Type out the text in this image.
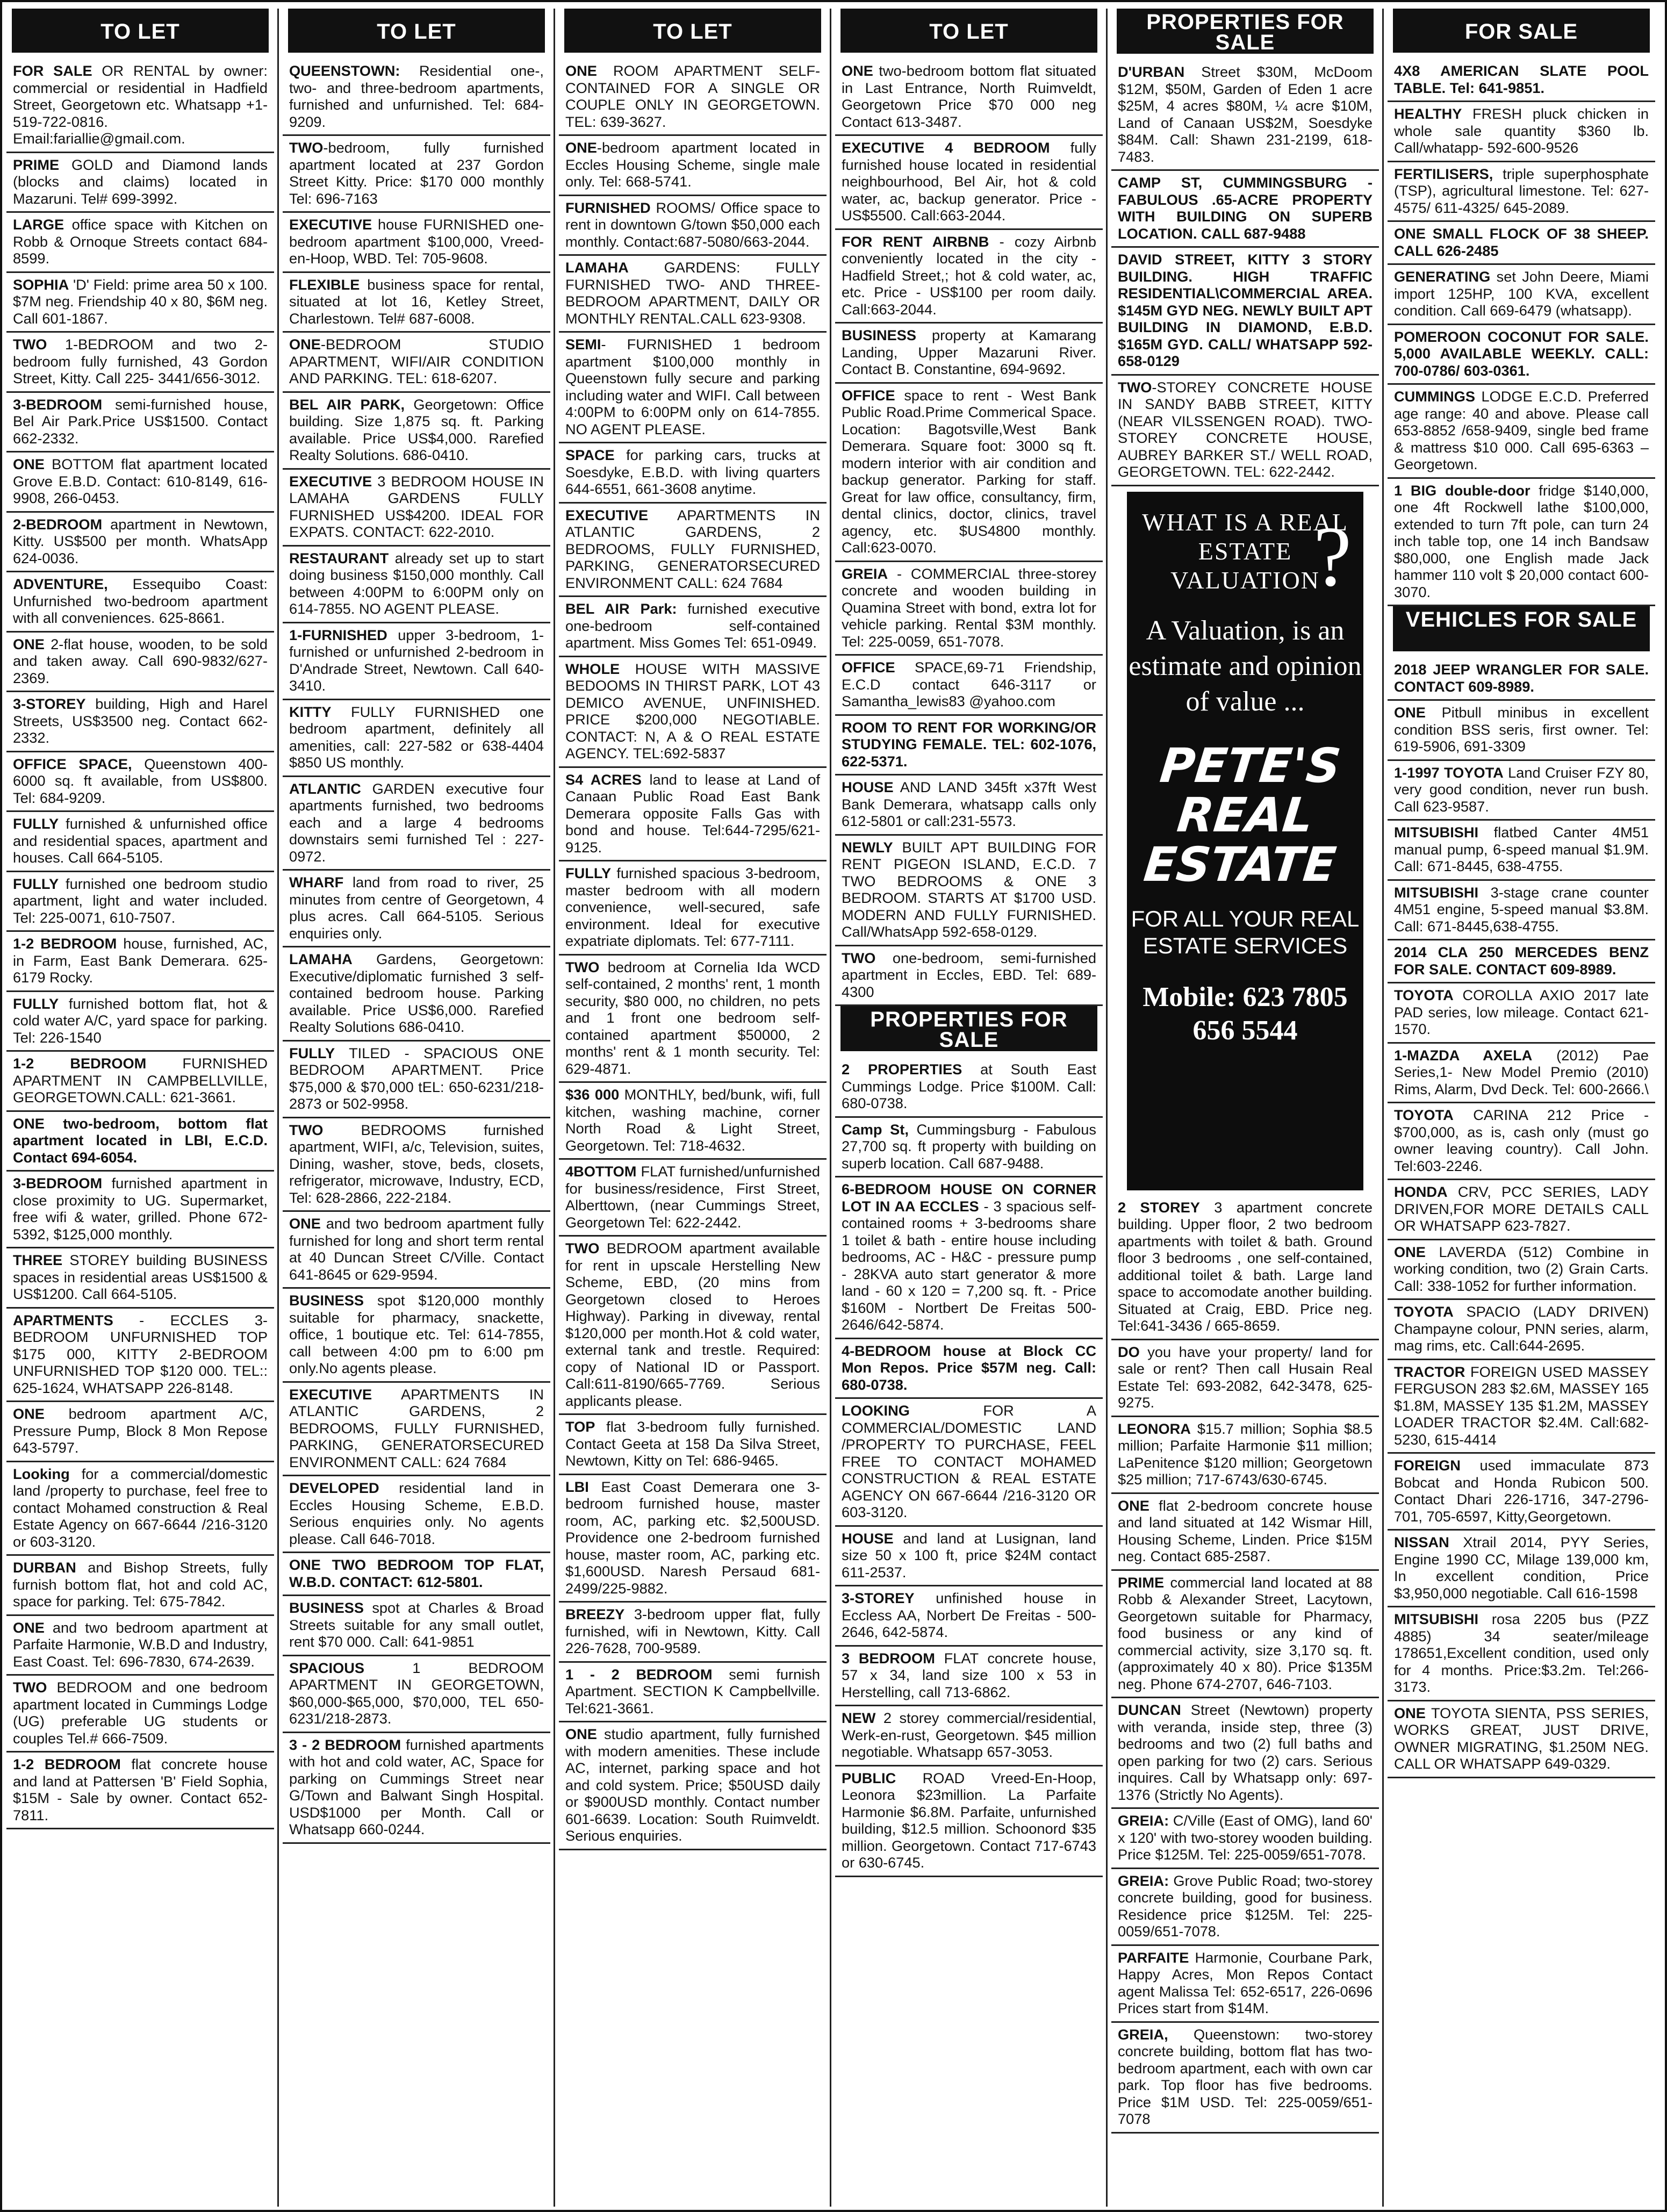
TO LET
FOR SALE OR RENTAL by owner: commercial or residential in Hadfield Street, Georgetown etc. Whatsapp +1-519-722-0816. Email:fariallie@gmail.com.
PRIME GOLD and Diamond lands (blocks and claims) located in Mazaruni. Tel# 699-3992.
LARGE office space with Kitchen on Robb & Ornoque Streets contact 684-8599.
SOPHIA 'D' Field: prime area 50 x 100. $7M neg. Friendship 40 x 80, $6M neg. Call 601-1867.
TWO 1-BEDROOM and two 2-bedroom fully furnished, 43 Gordon Street, Kitty. Call 225- 3441/656-3012.
3-BEDROOM semi-furnished house, Bel Air Park.Price US$1500. Contact 662-2332.
ONE BOTTOM flat apartment located Grove E.B.D. Contact: 610-8149, 616-9908, 266-0453.
2-BEDROOM apartment in Newtown, Kitty. US$500 per month. WhatsApp 624-0036.
ADVENTURE, Essequibo Coast: Unfurnished two-bedroom apartment with all conveniences. 625-8661.
ONE 2-flat house, wooden, to be sold and taken away. Call 690-9832/627-2369.
3-STOREY building, High and Harel Streets, US$3500 neg. Contact 662-2332.
OFFICE SPACE, Queenstown 400-6000 sq. ft available, from US$800. Tel: 684-9209.
FULLY furnished & unfurnished office and residential spaces, apartment and houses. Call 664-5105.
FULLY furnished one bedroom studio apartment, light and water included. Tel: 225-0071, 610-7507.
1-2 BEDROOM house, furnished, AC, in Farm, East Bank Demerara. 625-6179 Rocky.
FULLY furnished bottom flat, hot & cold water A/C, yard space for parking. Tel: 226-1540
1-2 BEDROOM FURNISHED APARTMENT IN CAMPBELLVILLE, GEORGETOWN.CALL: 621-3661.
ONE two-bedroom, bottom flat apartment located in LBI, E.C.D. Contact 694-6054.
3-BEDROOM furnished apartment in close proximity to UG. Supermarket, free wifi & water, grilled. Phone 672-5392, $125,000 monthly.
THREE STOREY building BUSINESS spaces in residential areas US$1500 & US$1200. Call 664-5105.
APARTMENTS - ECCLES 3-BEDROOM UNFURNISHED TOP $175 000, KITTY 2-BEDROOM UNFURNISHED TOP $120 000. TEL:: 625-1624, WHATSAPP 226-8148.
ONE bedroom apartment A/C, Pressure Pump, Block 8 Mon Repose 643-5797.
Looking for a commercial/domestic land /property to purchase, feel free to contact Mohamed construction & Real Estate Agency on 667-6644 /216-3120 or 603-3120.
DURBAN and Bishop Streets, fully furnish bottom flat, hot and cold AC, space for parking. Tel: 675-7842.
ONE and two bedroom apartment at Parfaite Harmonie, W.B.D and Industry, East Coast. Tel: 696-7830, 674-2639.
TWO BEDROOM and one bedroom apartment located in Cummings Lodge (UG) preferable UG students or couples Tel.# 666-7509.
1-2 BEDROOM flat concrete house and land at Pattersen 'B' Field Sophia, $15M - Sale by owner. Contact 652-7811.
TO LET
QUEENSTOWN: Residential one-, two- and three-bedroom apartments, furnished and unfurnished. Tel: 684-9209.
TWO-bedroom, fully furnished apartment located at 237 Gordon Street Kitty. Price: $170 000 monthly Tel: 696-7163
EXECUTIVE house FURNISHED one-bedroom apartment $100,000, Vreed-en-Hoop, WBD. Tel: 705-9608.
FLEXIBLE business space for rental, situated at lot 16, Ketley Street, Charlestown. Tel# 687-6008.
ONE-BEDROOM STUDIO APARTMENT, WIFI/AIR CONDITION AND PARKING. TEL: 618-6207.
BEL AIR PARK, Georgetown: Office building. Size 1,875 sq. ft. Parking available. Price US$4,000. Rarefied Realty Solutions. 686-0410.
EXECUTIVE 3 BEDROOM HOUSE IN LAMAHA GARDENS FULLY FURNISHED US$4200. IDEAL FOR EXPATS. CONTACT: 622-2010.
RESTAURANT already set up to start doing business $150,000 monthly. Call between 4:00PM to 6:00PM only on 614-7855. NO AGENT PLEASE.
1-FURNISHED upper 3-bedroom, 1-furnished or unfurnished 2-bedroom in D'Andrade Street, Newtown. Call 640-3410.
KITTY FULLY FURNISHED one bedroom apartment, definitely all amenities, call: 227-582 or 638-4404 $850 US monthly.
ATLANTIC GARDEN executive four apartments furnished, two bedrooms each and a large 4 bedrooms downstairs semi furnished Tel : 227-0972.
WHARF land from road to river, 25 minutes from centre of Georgetown, 4 plus acres. Call 664-5105. Serious enquiries only.
LAMAHA Gardens, Georgetown: Executive/diplomatic furnished 3 self-contained bedroom house. Parking available. Price US$6,000. Rarefied Realty Solutions 686-0410.
FULLY TILED - SPACIOUS ONE BEDROOM APARTMENT. Price $75,000 & $70,000 tEL: 650-6231/218-2873 or 502-9958.
TWO BEDROOMS furnished apartment, WIFI, a/c, Television, suites, Dining, washer, stove, beds, closets, refrigerator, microwave, Industry, ECD, Tel: 628-2866, 222-2184.
ONE and two bedroom apartment fully furnished for long and short term rental at 40 Duncan Street C/Ville. Contact 641-8645 or 629-9594.
BUSINESS spot $120,000 monthly suitable for pharmacy, snackette, office, 1 boutique etc. Tel: 614-7855, call between 4:00 pm to 6:00 pm only.No agents please.
EXECUTIVE APARTMENTS IN ATLANTIC GARDENS, 2 BEDROOMS, FULLY FURNISHED, PARKING, GENERATORSECURED ENVIRONMENT CALL: 624 7684
DEVELOPED residential land in Eccles Housing Scheme, E.B.D. Serious enquiries only. No agents please. Call 646-7018.
ONE TWO BEDROOM TOP FLAT, W.B.D. CONTACT: 612-5801.
BUSINESS spot at Charles & Broad Streets suitable for any small outlet, rent $70 000. Call: 641-9851
SPACIOUS 1 BEDROOM APARTMENT IN GEORGETOWN, $60,000-$65,000, $70,000, TEL 650-6231/218-2873.
3 - 2 BEDROOM furnished apartments with hot and cold water, AC, Space for parking on Cummings Street near G/Town and Balwant Singh Hospital. USD$1000 per Month. Call or Whatsapp 660-0244.
TO LET
ONE ROOM APARTMENT SELF-CONTAINED FOR A SINGLE OR COUPLE ONLY IN GEORGETOWN. TEL: 639-3627.
ONE-bedroom apartment located in Eccles Housing Scheme, single male only. Tel: 668-5741.
FURNISHED ROOMS/ Office space to rent in downtown G/town $50,000 each monthly. Contact:687-5080/663-2044.
LAMAHA GARDENS: FULLY FURNISHED TWO- AND THREE-BEDROOM APARTMENT, DAILY OR MONTHLY RENTAL.CALL 623-9308.
SEMI- FURNISHED 1 bedroom apartment $100,000 monthly in Queenstown fully secure and parking including water and WIFI. Call between 4:00PM to 6:00PM only on 614-7855. NO AGENT PLEASE.
SPACE for parking cars, trucks at Soesdyke, E.B.D. with living quarters 644-6551, 661-3608 anytime.
EXECUTIVE APARTMENTS IN ATLANTIC GARDENS, 2 BEDROOMS, FULLY FURNISHED, PARKING, GENERATORSECURED ENVIRONMENT CALL: 624 7684
BEL AIR Park: furnished executive one-bedroom self-contained apartment. Miss Gomes Tel: 651-0949.
WHOLE HOUSE WITH MASSIVE BEDOOMS IN THIRST PARK, LOT 43 DEMICO AVENUE, UNFINISHED. PRICE $200,000 NEGOTIABLE. CONTACT: N, A & O REAL ESTATE AGENCY. TEL:692-5837
S4 ACRES land to lease at Land of Canaan Public Road East Bank Demerara opposite Falls Gas with bond and house. Tel:644-7295/621-9125.
FULLY furnished spacious 3-bedroom, master bedroom with all modern convenience, well-secured, safe environment. Ideal for executive expatriate diplomats. Tel: 677-7111.
TWO bedroom at Cornelia Ida WCD self-contained, 2 months' rent, 1 month security, $80 000, no children, no pets and 1 front one bedroom self-contained apartment $50000, 2 months' rent & 1 month security. Tel: 629-4871.
$36 000 MONTHLY, bed/bunk, wifi, full kitchen, washing machine, corner North Road & Light Street, Georgetown. Tel: 718-4632.
4BOTTOM FLAT furnished/unfurnished for business/residence, First Street, Alberttown, (near Cummings Street, Georgetown Tel: 622-2442.
TWO BEDROOM apartment available for rent in upscale Herstelling New Scheme, EBD, (20 mins from Georgetown closed to Heroes Highway). Parking in diveway, rental $120,000 per month.Hot & cold water, external tank and trestle. Required: copy of National ID or Passport. Call:611-8190/665-7769. Serious applicants please.
TOP flat 3-bedroom fully furnished. Contact Geeta at 158 Da Silva Street, Newtown, Kitty on Tel: 686-9465.
LBI East Coast Demerara one 3-bedroom furnished house, master room, AC, parking etc. $2,500USD. Providence one 2-bedroom furnished house, master room, AC, parking etc. $1,600USD. Naresh Persaud 681-2499/225-9882.
BREEZY 3-bedroom upper flat, fully furnished, wifi in Newtown, Kitty. Call 226-7628, 700-9589.
1 - 2 BEDROOM semi furnish Apartment. SECTION K Campbellville. Tel:621-3661.
ONE studio apartment, fully furnished with modern amenities. These include AC, internet, parking space and hot and cold system. Price; $50USD daily or $900USD monthly. Contact number 601-6639. Location: South Ruimveldt. Serious enquiries.
TO LET
ONE two-bedroom bottom flat situated in Last Entrance, North Ruimveldt, Georgetown Price $70 000 neg Contact 613-3487.
EXECUTIVE 4 BEDROOM fully furnished house located in residential neighbourhood, Bel Air, hot & cold water, ac, backup generator. Price - US$5500. Call:663-2044.
FOR RENT AIRBNB - cozy Airbnb conveniently located in the city - Hadfield Street,; hot & cold water, ac, etc. Price - US$100 per room daily. Call:663-2044.
BUSINESS property at Kamarang Landing, Upper Mazaruni River. Contact B. Constantine, 694-9692.
OFFICE space to rent - West Bank Public Road.Prime Commerical Space. Location: Bagotsville,West Bank Demerara. Square foot: 3000 sq ft. modern interior with air condition and backup generator. Parking for staff. Great for law office, consultancy, firm, dental clinics, doctor, clinics, travel agency, etc. $US4800 monthly. Call:623-0070.
GREIA - COMMERCIAL three-storey concrete and wooden building in Quamina Street with bond, extra lot for vehicle parking. Rental $3M monthly. Tel: 225-0059, 651-7078.
OFFICE SPACE,69-71 Friendship, E.C.D contact 646-3117 or Samantha_lewis83 @yahoo.com
ROOM TO RENT FOR WORKING/OR STUDYING FEMALE. TEL: 602-1076, 622-5371.
HOUSE AND LAND 345ft x37ft West Bank Demerara, whatsapp calls only 612-5801 or call:231-5573.
NEWLY BUILT APT BUILDING FOR RENT PIGEON ISLAND, E.C.D. 7 TWO BEDROOMS & ONE 3 BEDROOM. STARTS AT $1700 USD. MODERN AND FULLY FURNISHED. Call/WhatsApp 592-658-0129.
TWO one-bedroom, semi-furnished apartment in Eccles, EBD. Tel: 689-4300
PROPERTIES FOR SALE
2 PROPERTIES at South East Cummings Lodge. Price $100M. Call: 680-0738.
Camp St, Cummingsburg - Fabulous 27,700 sq. ft property with building on superb location. Call 687-9488.
6-BEDROOM HOUSE ON CORNER LOT IN AA ECCLES - 3 spacious self-contained rooms + 3-bedrooms share 1 toilet & bath - entire house including bedrooms, AC - H&C - pressure pump - 28KVA auto start generator & more land - 60 x 120 = 7,200 sq. ft. - Price $160M - Nortbert De Freitas 500-2646/642-5874.
4-BEDROOM house at Block CC Mon Repos. Price $57M neg. Call: 680-0738.
LOOKING FOR A COMMERCIAL/DOMESTIC LAND /PROPERTY TO PURCHASE, FEEL FREE TO CONTACT MOHAMED CONSTRUCTION & REAL ESTATE AGENCY ON 667-6644 /216-3120 OR 603-3120.
HOUSE and land at Lusignan, land size 50 x 100 ft, price $24M contact 611-2537.
3-STOREY unfinished house in Eccless AA, Norbert De Freitas - 500-2646, 642-5874.
3 BEDROOM FLAT concrete house, 57 x 34, land size 100 x 53 in Herstelling, call 713-6862.
NEW 2 storey commercial/residential, Werk-en-rust, Georgetown. $45 million negotiable. Whatsapp 657-3053.
PUBLIC ROAD Vreed-En-Hoop, Leonora $23million. La Parfaite Harmonie $6.8M. Parfaite, unfurnished building, $12.5 million. Schoonord $35 million. Georgetown. Contact 717-6743 or 630-6745.
PROPERTIES FOR SALE
D'URBAN Street $30M, McDoom $12M, $50M, Garden of Eden 1 acre $25M, 4 acres $80M, ¼ acre $10M, Land of Canaan US$2M, Soesdyke $84M. Call: Shawn 231-2199, 618-7483.
CAMP ST, CUMMINGSBURG - FABULOUS .65-ACRE PROPERTY WITH BUILDING ON SUPERB LOCATION. CALL 687-9488
DAVID STREET, KITTY 3 STORY BUILDING. HIGH TRAFFIC RESIDENTIAL\COMMERCIAL AREA. $145M GYD NEG. NEWLY BUILT APT BUILDING IN DIAMOND, E.B.D. $165M GYD. CALL/ WHATSAPP 592-658-0129
TWO-STOREY CONCRETE HOUSE IN SANDY BABB STREET, KITTY (NEAR VILSSENGEN ROAD). TWO-STOREY CONCRETE HOUSE, AUBREY BARKER ST./ WELL ROAD, GEORGETOWN. TEL: 622-2442.
WHAT IS A REAL ESTATE VALUATION
?
A Valuation, is an estimate and opinion of value ...
PETE'S REAL ESTATE
FOR ALL YOUR REAL ESTATE SERVICES
Mobile: 623 7805 656 5544
2 STOREY 3 apartment concrete building. Upper floor, 2 two bedroom apartments with toilet & bath. Ground floor 3 bedrooms , one self-contained, additional toilet & bath. Large land space to accomodate another building. Situated at Craig, EBD. Price neg. Tel:641-3436 / 665-8659.
DO you have your property/ land for sale or rent? Then call Husain Real Estate Tel: 693-2082, 642-3478, 625-9275.
LEONORA $15.7 million; Sophia $8.5 million; Parfaite Harmonie $11 million; LaPenitence $120 million; Georgetown $25 million; 717-6743/630-6745.
ONE flat 2-bedroom concrete house and land situated at 142 Wismar Hill, Housing Scheme, Linden. Price $15M neg. Contact 685-2587.
PRIME commercial land located at 88 Robb & Alexander Street, Lacytown, Georgetown suitable for Pharmacy, food business or any kind of commercial activity, size 3,170 sq. ft. (approximately 40 x 80). Price $135M neg. Phone 674-2707, 646-7103.
DUNCAN Street (Newtown) property with veranda, inside step, three (3) bedrooms and two (2) full baths and open parking for two (2) cars. Serious inquires. Call by Whatsapp only: 697-1376 (Strictly No Agents).
GREIA: C/Ville (East of OMG), land 60' x 120' with two-storey wooden building. Price $125M. Tel: 225-0059/651-7078.
GREIA: Grove Public Road; two-storey concrete building, good for business. Residence price $125M. Tel: 225-0059/651-7078.
PARFAITE Harmonie, Courbane Park, Happy Acres, Mon Repos Contact agent Malissa Tel: 652-6517, 226-0696 Prices start from $14M.
GREIA, Queenstown: two-storey concrete building, bottom flat has two-bedroom apartment, each with own car park. Top floor has five bedrooms. Price $1M USD. Tel: 225-0059/651-7078
FOR SALE
4X8 AMERICAN SLATE POOL TABLE. Tel: 641-9851.
HEALTHY FRESH pluck chicken in whole sale quantity $360 lb. Call/whatapp- 592-600-9526
FERTILISERS, triple superphosphate (TSP), agricultural limestone. Tel: 627-4575/ 611-4325/ 645-2089.
ONE SMALL FLOCK OF 38 SHEEP. CALL 626-2485
GENERATING set John Deere, Miami import 125HP, 100 KVA, excellent condition. Call 669-6479 (whatsapp).
POMEROON COCONUT FOR SALE. 5,000 AVAILABLE WEEKLY. CALL: 700-0786/ 603-0361.
CUMMINGS LODGE E.C.D. Preferred age range: 40 and above. Please call 653-8852 /658-9409, single bed frame & mattress $10 000. Call 695-6363 – Georgetown.
1 BIG double-door fridge $140,000, one 4ft Rockwell lathe $100,000, extended to turn 7ft pole, can turn 24 inch table top, one 14 inch Bandsaw $80,000, one English made Jack hammer 110 volt $ 20,000 contact 600-3070.
VEHICLES FOR SALE
2018 JEEP WRANGLER FOR SALE. CONTACT 609-8989.
ONE Pitbull minibus in excellent condition BSS seris, first owner. Tel: 619-5906, 691-3309
1-1997 TOYOTA Land Cruiser FZY 80, very good condition, never run bush. Call 623-9587.
MITSUBISHI flatbed Canter 4M51 manual pump, 6-speed manual $1.9M. Call: 671-8445, 638-4755.
MITSUBISHI 3-stage crane counter 4M51 engine, 5-speed manual $3.8M. Call: 671-8445,638-4755.
2014 CLA 250 MERCEDES BENZ FOR SALE. CONTACT 609-8989.
TOYOTA COROLLA AXIO 2017 late PAD series, low mileage. Contact 621-1570.
1-MAZDA AXELA (2012) Pae Series,1- New Model Premio (2010) Rims, Alarm, Dvd Deck. Tel: 600-2666.\
TOYOTA CARINA 212 Price - $700,000, as is, cash only (must go owner leaving country). Call John. Tel:603-2246.
HONDA CRV, PCC SERIES, LADY DRIVEN,FOR MORE DETAILS CALL OR WHATSAPP 623-7827.
ONE LAVERDA (512) Combine in working condition, two (2) Grain Carts. Call: 338-1052 for further information.
TOYOTA SPACIO (LADY DRIVEN) Champayne colour, PNN series, alarm, mag rims, etc. Call:644-2695.
TRACTOR FOREIGN USED MASSEY FERGUSON 283 $2.6M, MASSEY 165 $1.8M, MASSEY 135 $1.2M, MASSEY LOADER TRACTOR $2.4M. Call:682-5230, 615-4414
FOREIGN used immaculate 873 Bobcat and Honda Rubicon 500. Contact Dhari 226-1716, 347-2796-701, 705-6597, Kitty,Georgetown.
NISSAN Xtrail 2014, PYY Series, Engine 1990 CC, Milage 139,000 km, In excellent condition, Price $3,950,000 negotiable. Call 616-1598
MITSUBISHI rosa 2205 bus (PZZ 4885) 34 seater/mileage 178651,Excellent condition, used only for 4 months. Price:$3.2m. Tel:266-3173.
ONE TOYOTA SIENTA, PSS SERIES, WORKS GREAT, JUST DRIVE, OWNER MIGRATING, $1.250M NEG. CALL OR WHATSAPP 649-0329.
